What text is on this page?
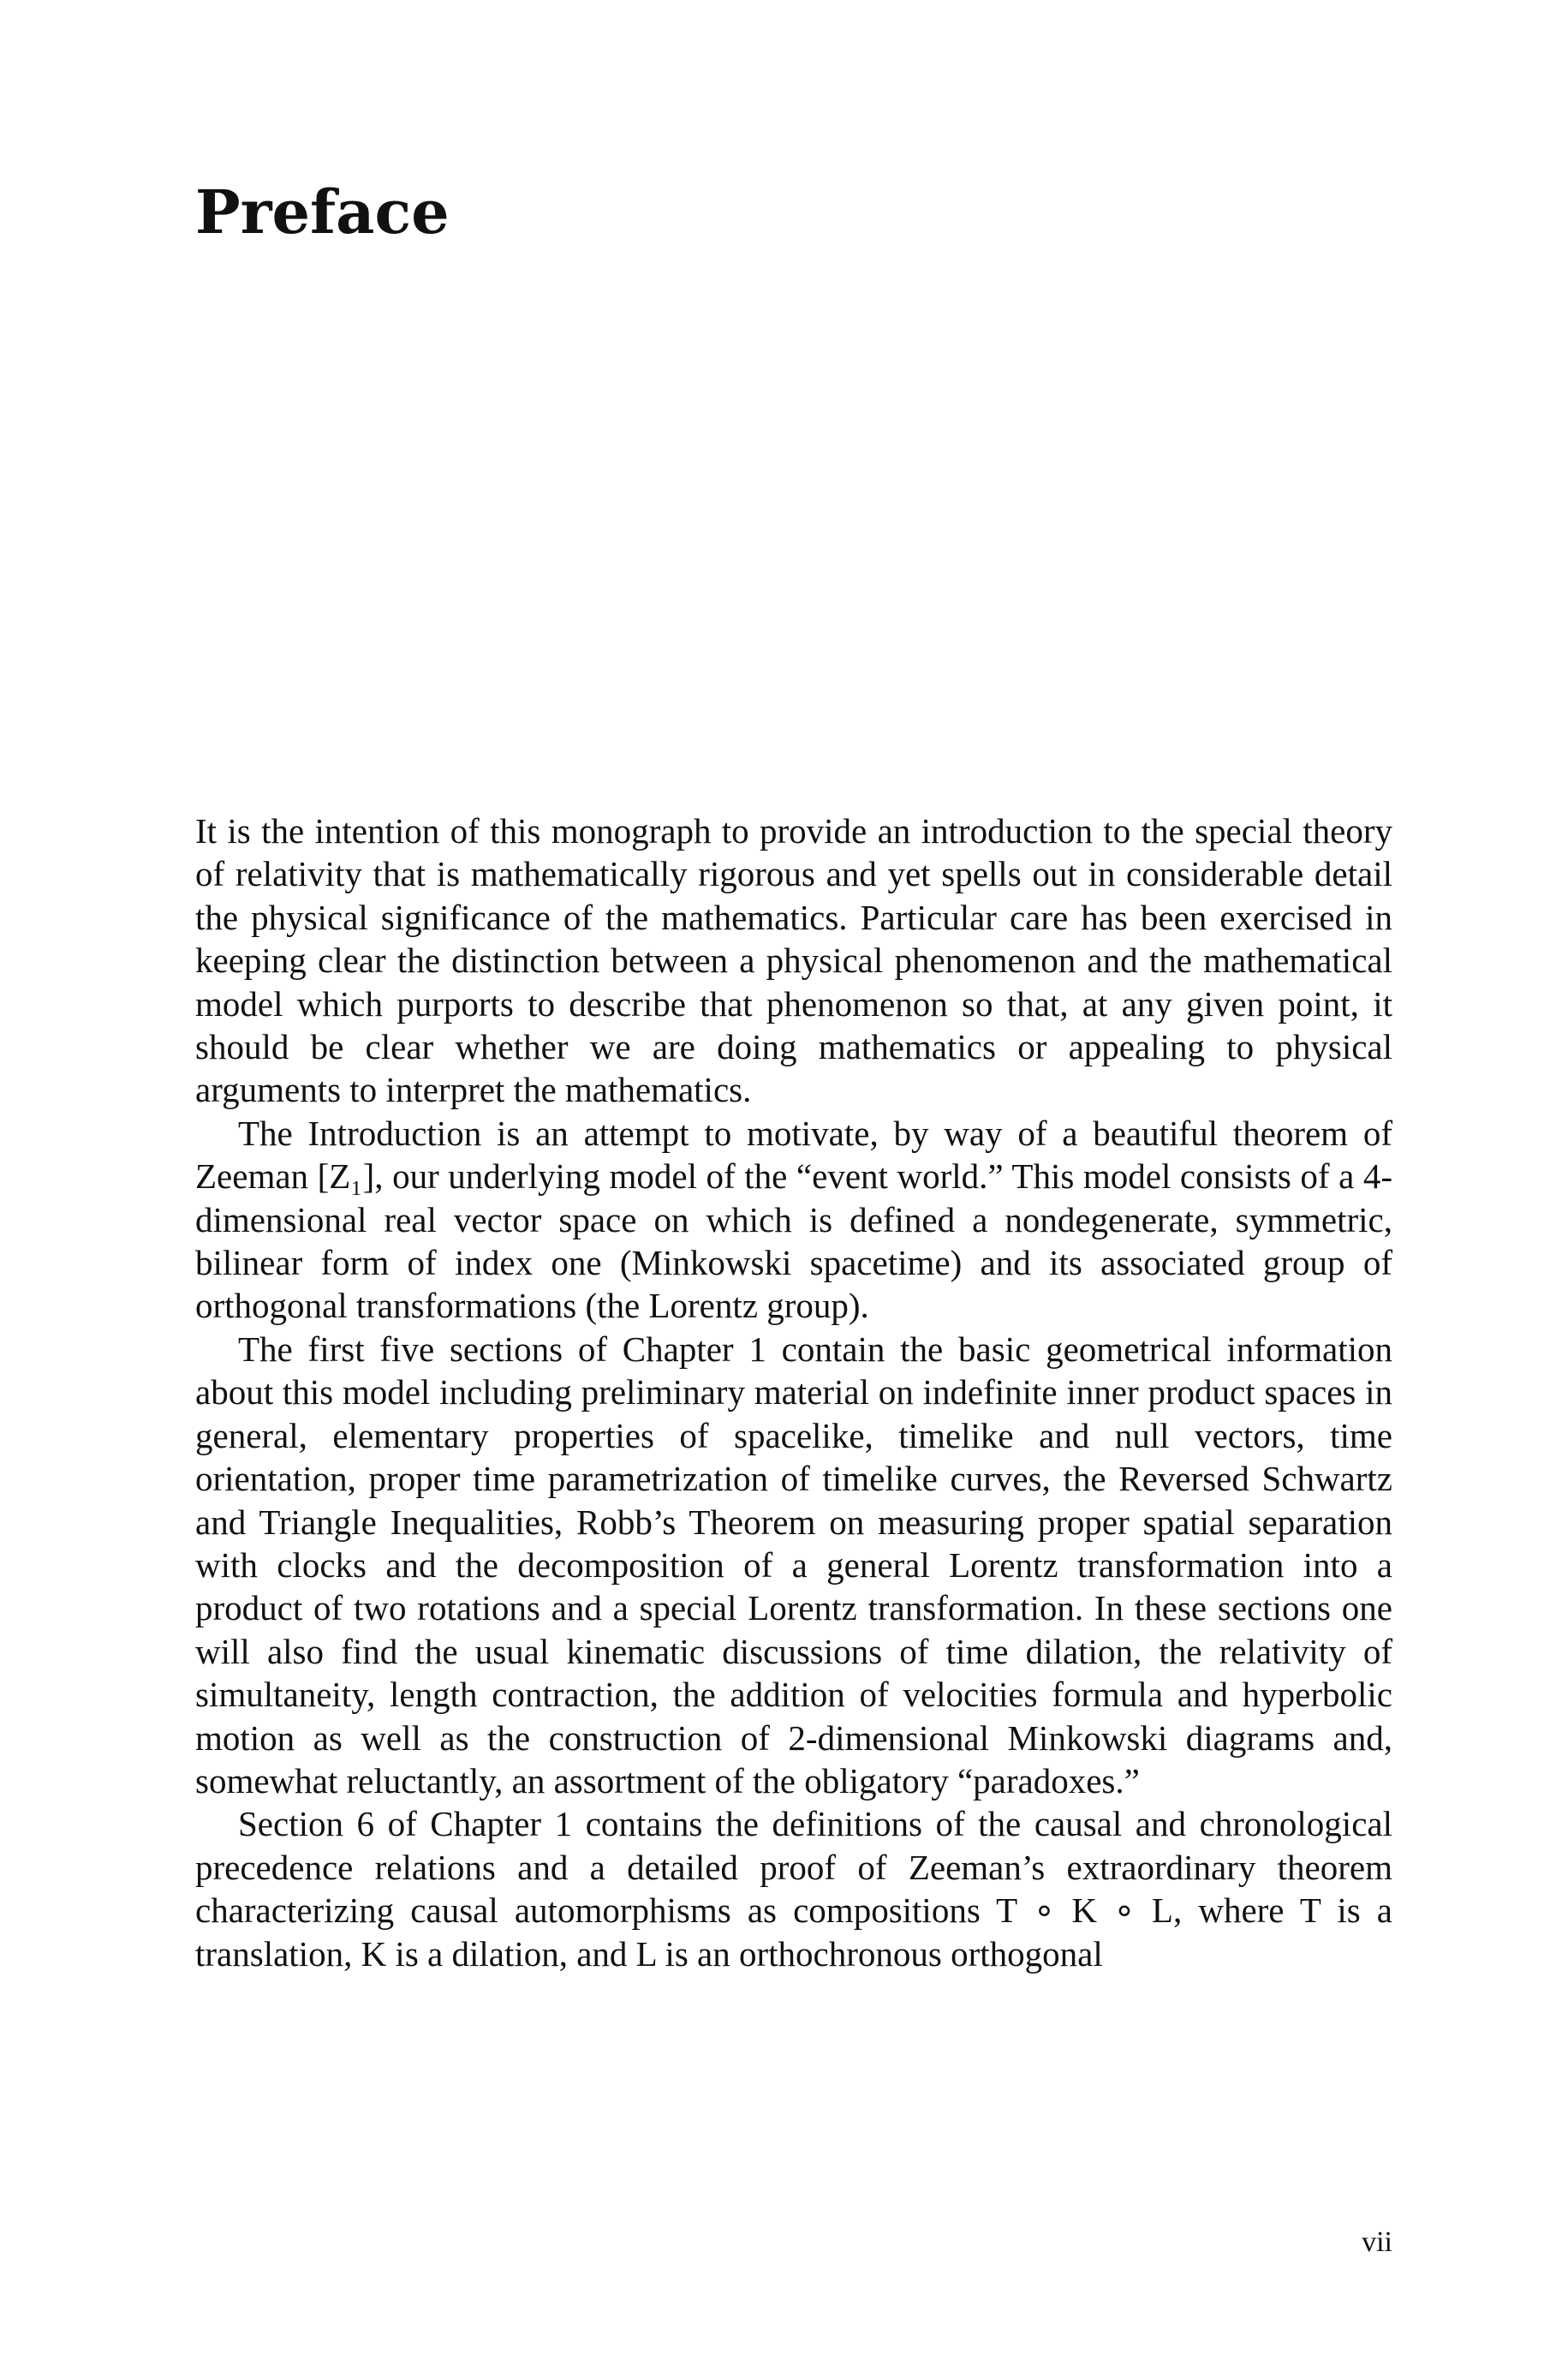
Preface

It is the intention of this monograph to provide an introduction to the special theory of relativity that is mathematically rigorous and yet spells out in considerable detail the physical significance of the mathematics. Particular care has been exercised in keeping clear the distinction between a physical phenomenon and the mathematical model which purports to describe that phenomenon so that, at any given point, it should be clear whether we are doing mathematics or appealing to physical arguments to interpret the mathematics.

The Introduction is an attempt to motivate, by way of a beautiful theorem of Zeeman [Z₁], our underlying model of the “event world.” This model consists of a 4-dimensional real vector space on which is defined a nondegenerate, symmetric, bilinear form of index one (Minkowski spacetime) and its associated group of orthogonal transformations (the Lorentz group).

The first five sections of Chapter 1 contain the basic geometrical information about this model including preliminary material on indefinite inner product spaces in general, elementary properties of spacelike, timelike and null vectors, time orientation, proper time parametrization of timelike curves, the Reversed Schwartz and Triangle Inequalities, Robb’s Theorem on measuring proper spatial separation with clocks and the decomposition of a general Lorentz transformation into a product of two rotations and a special Lorentz transformation. In these sections one will also find the usual kinematic discussions of time dilation, the relativity of simultaneity, length contraction, the addition of velocities formula and hyperbolic motion as well as the construction of 2-dimensional Minkowski diagrams and, somewhat reluctantly, an assortment of the obligatory “paradoxes.”

Section 6 of Chapter 1 contains the definitions of the causal and chronological precedence relations and a detailed proof of Zeeman’s extraordinary theorem characterizing causal automorphisms as compositions T ∘ K ∘ L, where T is a translation, K is a dilation, and L is an orthochronous orthogonal

vii
